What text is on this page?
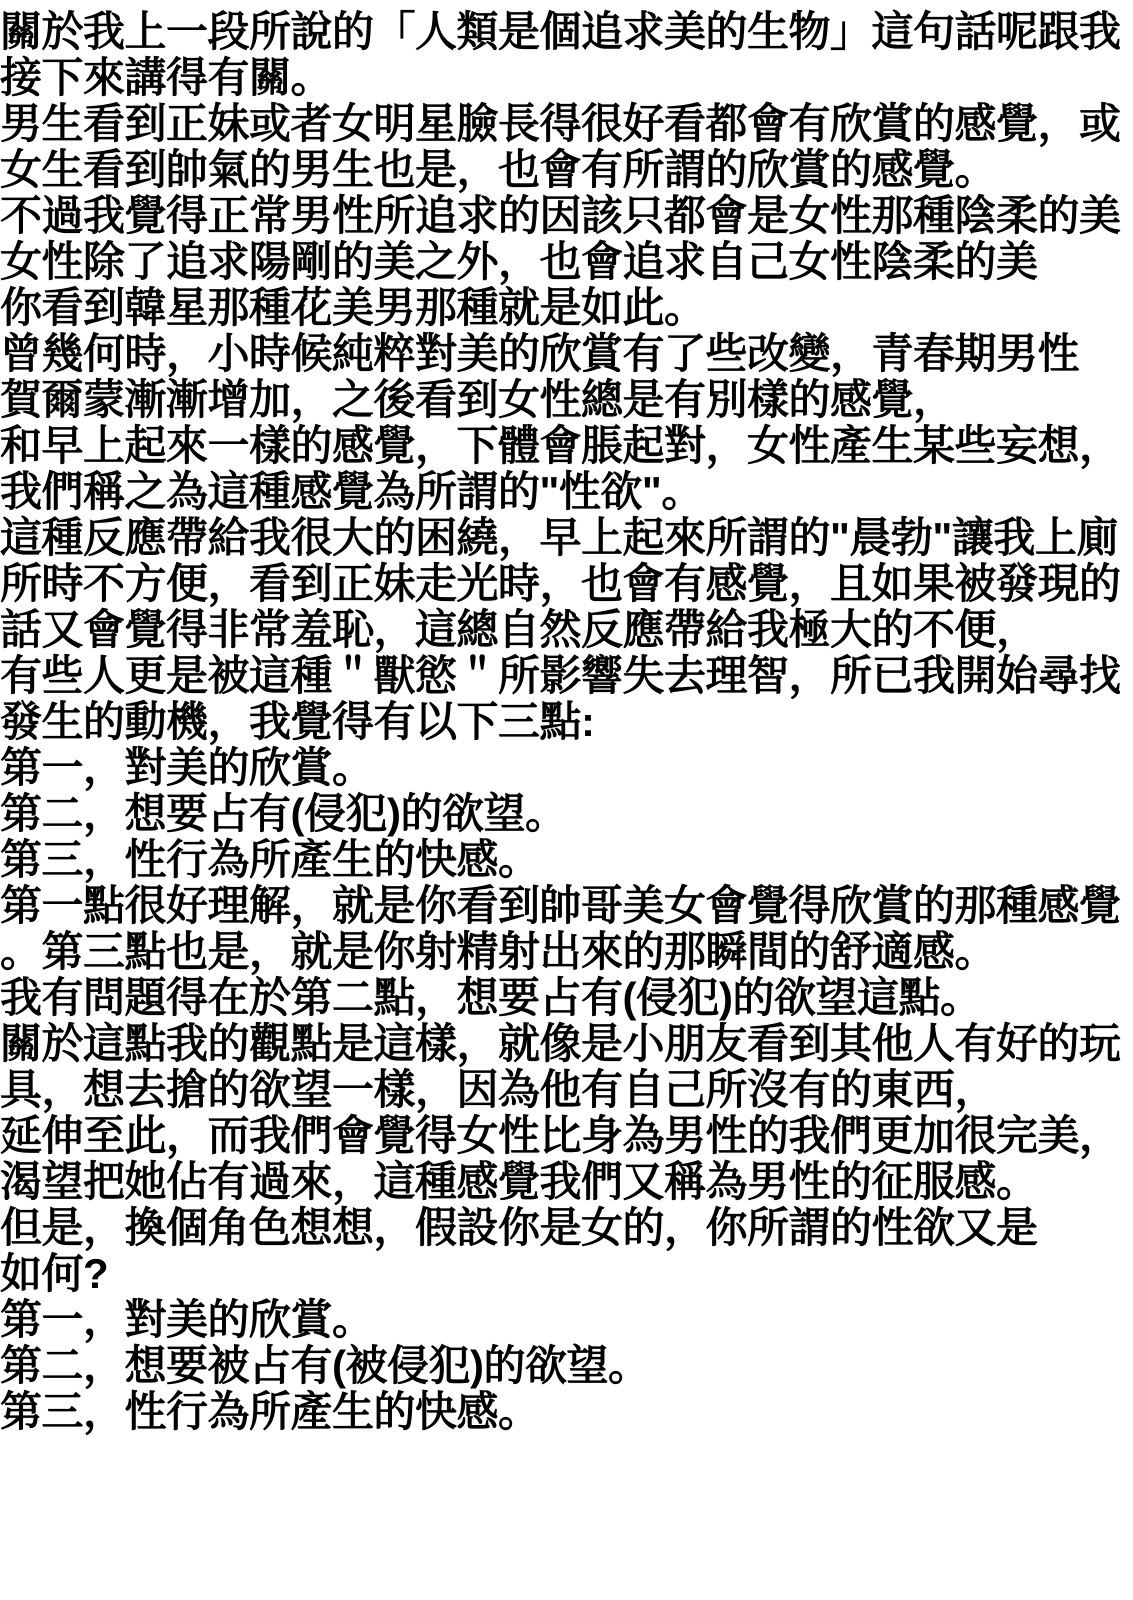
關於我上一段所說的「人類是個追求美的生物」這句話呢跟我
接下來講得有關。
男生看到正妹或者女明星臉長得很好看都會有欣賞的感覺，或
女生看到帥氣的男生也是，也會有所謂的欣賞的感覺。
不過我覺得正常男性所追求的因該只都會是女性那種陰柔的美
女性除了追求陽剛的美之外，也會追求自己女性陰柔的美
你看到韓星那種花美男那種就是如此。
曾幾何時，小時候純粹對美的欣賞有了些改變，青春期男性
賀爾蒙漸漸增加，之後看到女性總是有別樣的感覺，
和早上起來一樣的感覺，下體會脹起對，女性產生某些妄想，
我們稱之為這種感覺為所謂的"性欲"。
這種反應帶給我很大的困繞，早上起來所謂的"晨勃"讓我上廁
所時不方便，看到正妹走光時，也會有感覺，且如果被發現的
話又會覺得非常羞恥，這總自然反應帶給我極大的不便，
有些人更是被這種＂獸慾＂所影響失去理智，所已我開始尋找
發生的動機，我覺得有以下三點:
第一，對美的欣賞。
第二，想要占有(侵犯)的欲望。
第三，性行為所產生的快感。
第一點很好理解，就是你看到帥哥美女會覺得欣賞的那種感覺
。第三點也是，就是你射精射出來的那瞬間的舒適感。
我有問題得在於第二點，想要占有(侵犯)的欲望這點。
關於這點我的觀點是這樣，就像是小朋友看到其他人有好的玩
具，想去搶的欲望一樣，因為他有自己所沒有的東西，
延伸至此，而我們會覺得女性比身為男性的我們更加很完美，
渴望把她佔有過來，這種感覺我們又稱為男性的征服感。
但是，換個角色想想，假設你是女的，你所謂的性欲又是
如何?
第一，對美的欣賞。
第二，想要被占有(被侵犯)的欲望。
第三，性行為所產生的快感。
